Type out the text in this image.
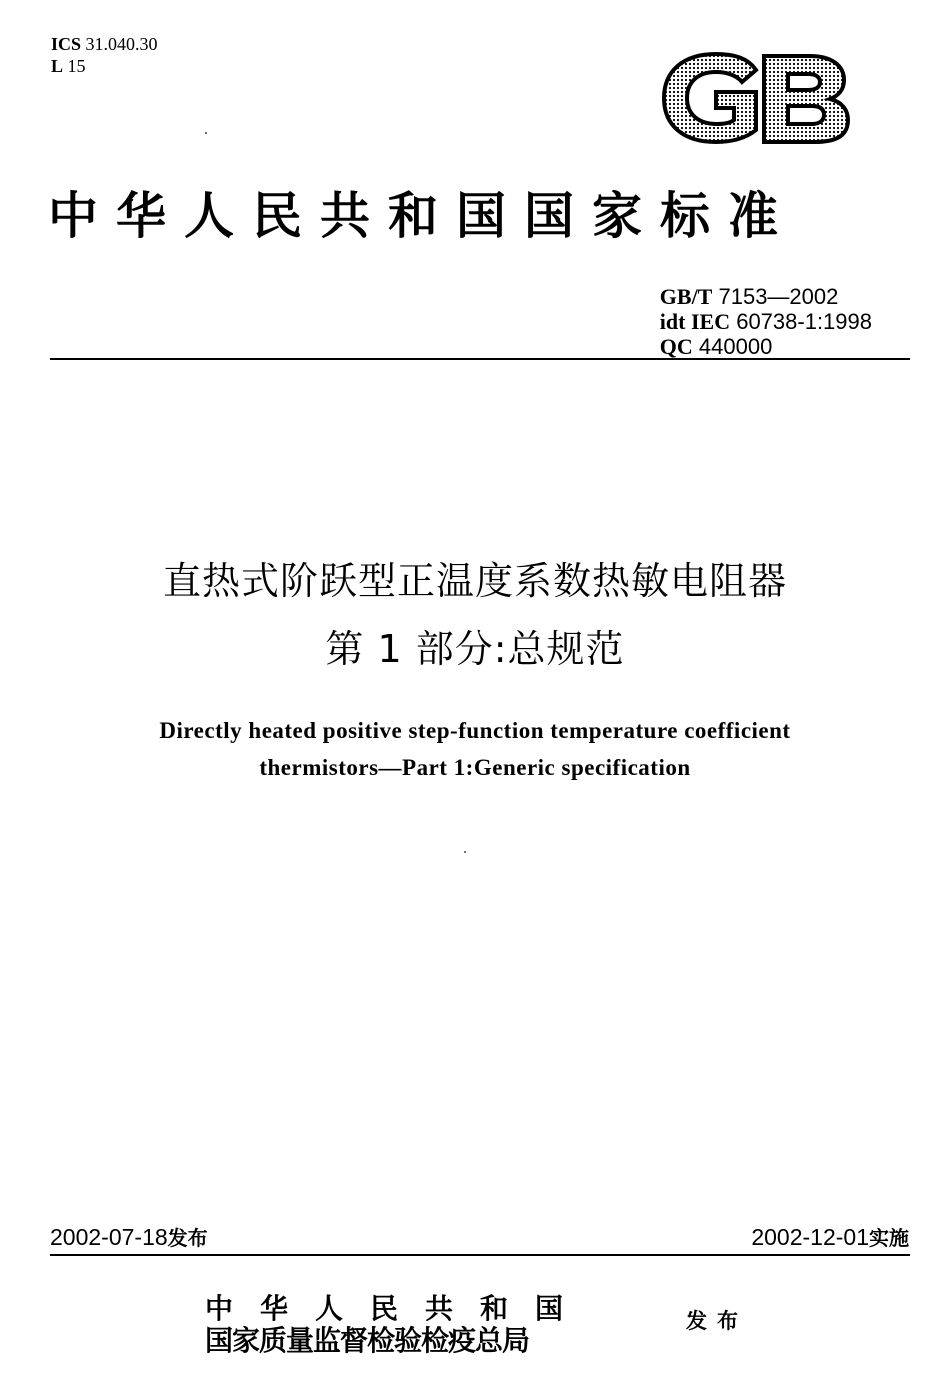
ICS 31.040.30
L 15
中华人民共和国国家标准
GB/T 7153—2002
idt IEC 60738-1:1998
QC 440000
直热式阶跃型正温度系数热敏电阻器
第 1 部分:总规范
Directly heated positive step-function temperature coefficient
thermistors—Part 1:Generic specification
2002-07-18发布	2002-12-01实施
中华人民共和国
国家质量监督检验检疫总局
发布
